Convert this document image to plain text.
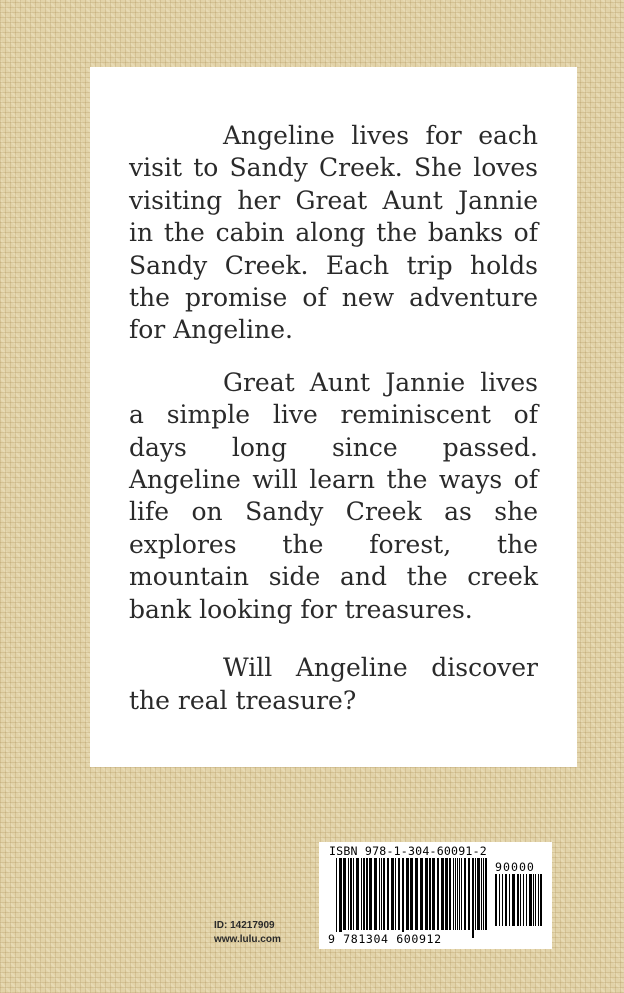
Angeline lives for each visit to Sandy Creek. She loves visiting her Great Aunt Jannie in the cabin along the banks of Sandy Creek. Each trip holds the promise of new adventure for Angeline.

Great Aunt Jannie lives a simple live reminiscent of days long since passed. Angeline will learn the ways of life on Sandy Creek as she explores the forest, the mountain side and the creek bank looking for treasures.

Will Angeline discover the real treasure?

ID: 14217909
www.lulu.com
ISBN 978-1-304-60091-2
90000
9 781304 600912
